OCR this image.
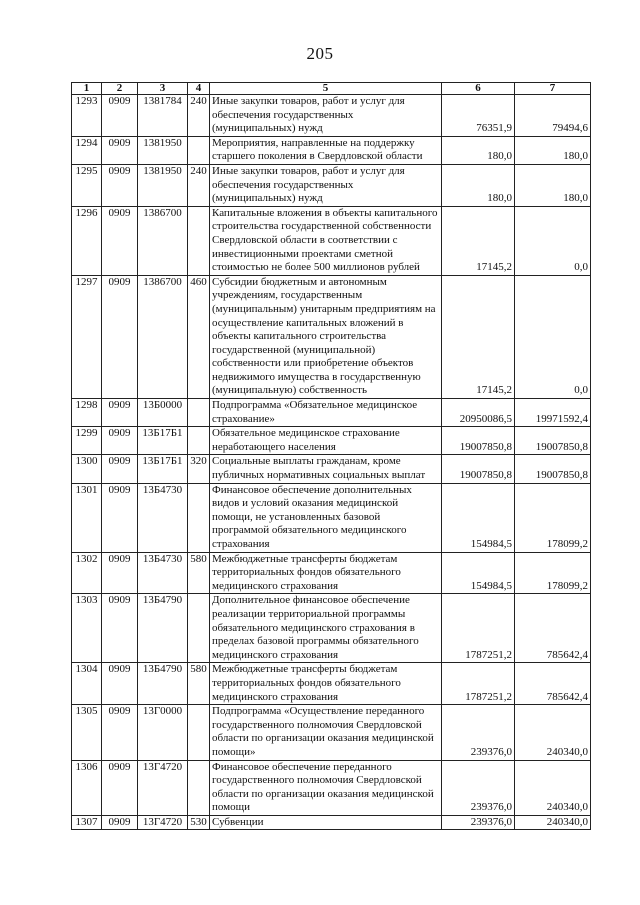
205
1	2	3	4	5	6	7
1293	0909	1381784	240	Иные закупки товаров, работ и услуг для обеспечения государственных (муниципальных) нужд	76351,9	79494,6
1294	0909	1381950		Мероприятия, направленные на поддержку старшего поколения в Свердловской области	180,0	180,0
1295	0909	1381950	240	Иные закупки товаров, работ и услуг для обеспечения государственных (муниципальных) нужд	180,0	180,0
1296	0909	1386700		Капитальные вложения в объекты капитального строительства государственной собственности Свердловской области в соответствии с инвестиционными проектами сметной стоимостью не более 500 миллионов рублей	17145,2	0,0
1297	0909	1386700	460	Субсидии бюджетным и автономным учреждениям, государственным (муниципальным) унитарным предприятиям на осуществление капитальных вложений в объекты капитального строительства государственной (муниципальной) собственности или приобретение объектов недвижимого имущества в государственную (муниципальную) собственность	17145,2	0,0
1298	0909	13Б0000		Подпрограмма «Обязательное медицинское страхование»	20950086,5	19971592,4
1299	0909	13Б17Б1		Обязательное медицинское страхование неработающего населения	19007850,8	19007850,8
1300	0909	13Б17Б1	320	Социальные выплаты гражданам, кроме публичных нормативных социальных выплат	19007850,8	19007850,8
1301	0909	13Б4730		Финансовое обеспечение дополнительных видов и условий оказания медицинской помощи, не установленных базовой программой обязательного медицинского страхования	154984,5	178099,2
1302	0909	13Б4730	580	Межбюджетные трансферты бюджетам территориальных фондов обязательного медицинского страхования	154984,5	178099,2
1303	0909	13Б4790		Дополнительное финансовое обеспечение реализации территориальной программы обязательного медицинского страхования в пределах базовой программы обязательного медицинского страхования	1787251,2	785642,4
1304	0909	13Б4790	580	Межбюджетные трансферты бюджетам территориальных фондов обязательного медицинского страхования	1787251,2	785642,4
1305	0909	13Г0000		Подпрограмма «Осуществление переданного государственного полномочия Свердловской области по организации оказания медицинской помощи»	239376,0	240340,0
1306	0909	13Г4720		Финансовое обеспечение переданного государственного полномочия Свердловской области по организации оказания медицинской помощи	239376,0	240340,0
1307	0909	13Г4720	530	Субвенции	239376,0	240340,0
